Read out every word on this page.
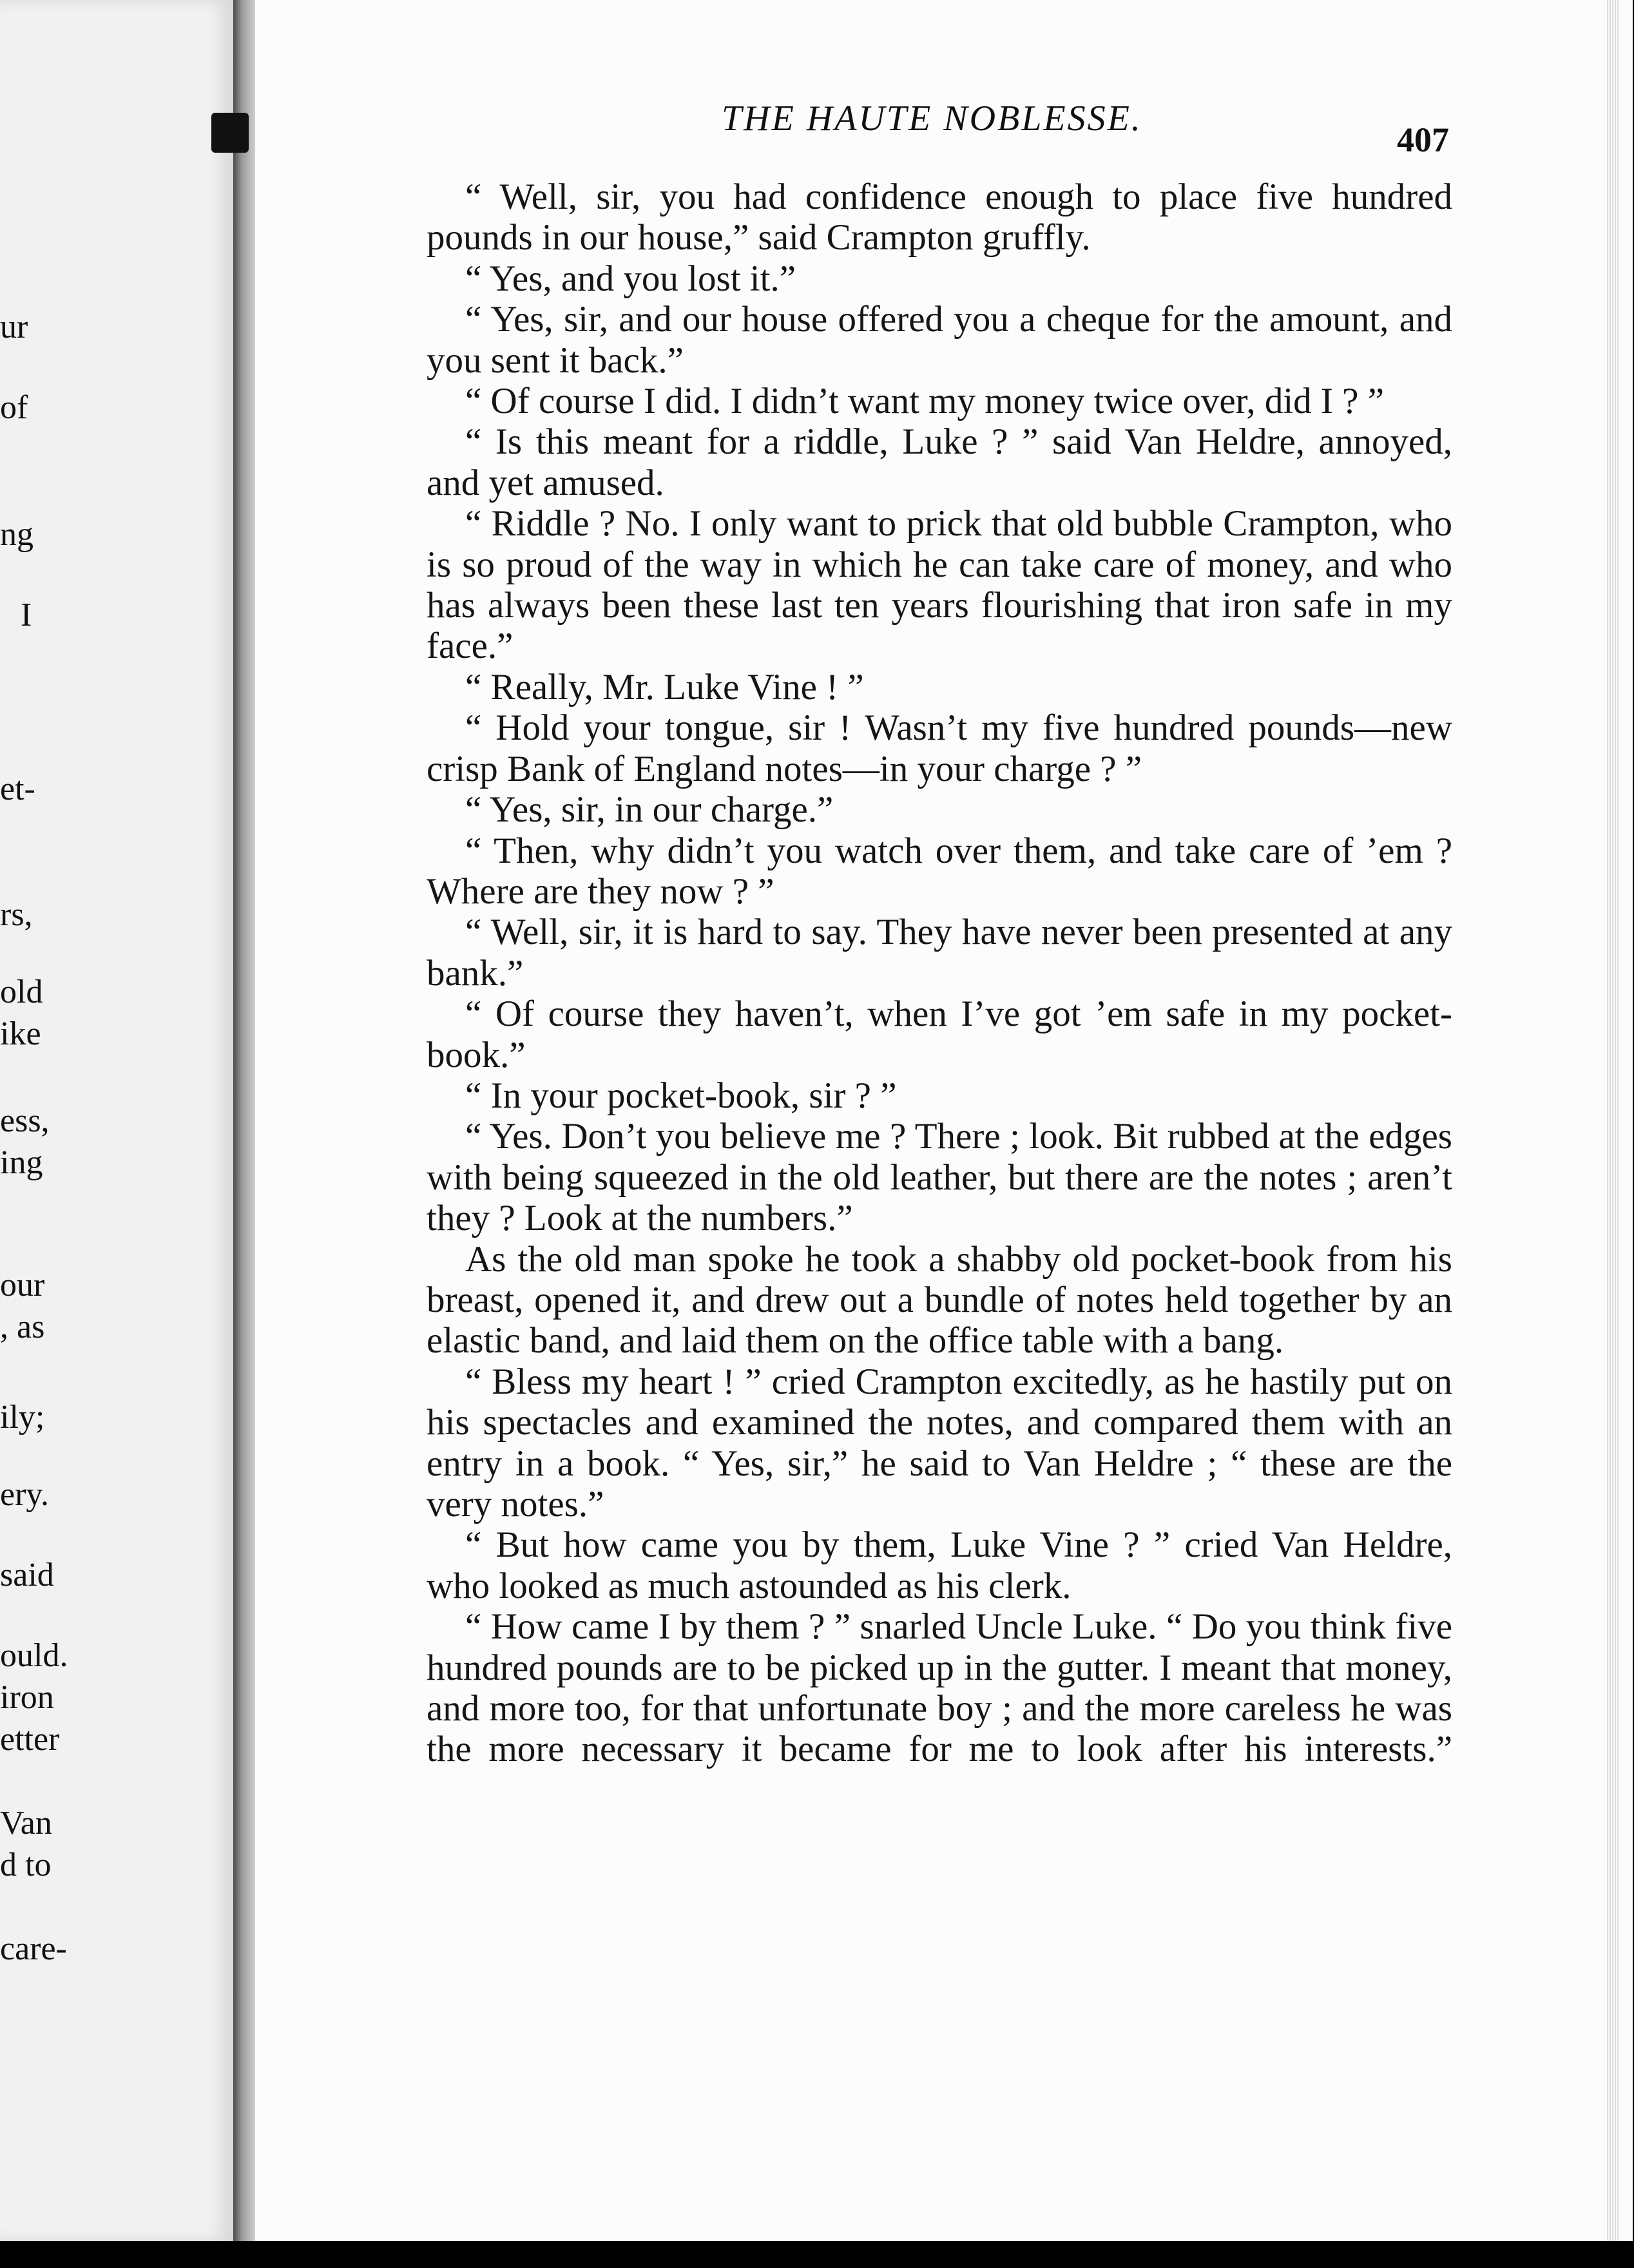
ur
of
ng
I
et-
rs,
old
ike
ess,
ing
our
, as
ily;
ery.
said
ould.
iron
etter
Van
d to
care-
THE HAUTE NOBLESSE.
407

“ Well, sir, you had confidence enough to place five hundred pounds in our house,” said Crampton gruffly.

“ Yes, and you lost it.”

“ Yes, sir, and our house offered you a cheque for the amount, and you sent it back.”

“ Of course I did. I didn’t want my money twice over, did I ? ”

“ Is this meant for a riddle, Luke ? ” said Van Heldre, annoyed, and yet amused.

“ Riddle ? No. I only want to prick that old bubble Crampton, who is so proud of the way in which he can take care of money, and who has always been these last ten years flourishing that iron safe in my face.”

“ Really, Mr. Luke Vine ! ”

“ Hold your tongue, sir ! Wasn’t my five hundred pounds—new crisp Bank of England notes—in your charge ? ”

“ Yes, sir, in our charge.”

“ Then, why didn’t you watch over them, and take care of ’em ? Where are they now ? ”

“ Well, sir, it is hard to say. They have never been presented at any bank.”

“ Of course they haven’t, when I’ve got ’em safe in my pocket-book.”

“ In your pocket-book, sir ? ”

“ Yes. Don’t you believe me ? There ; look. Bit rubbed at the edges with being squeezed in the old leather, but there are the notes ; aren’t they ? Look at the numbers.”

As the old man spoke he took a shabby old pocket-book from his breast, opened it, and drew out a bundle of notes held together by an elastic band, and laid them on the office table with a bang.

“ Bless my heart ! ” cried Crampton excitedly, as he hastily put on his spectacles and examined the notes, and compared them with an entry in a book. “ Yes, sir,” he said to Van Heldre ; “ these are the very notes.”

“ But how came you by them, Luke Vine ? ” cried Van Heldre, who looked as much astounded as his clerk.

“ How came I by them ? ” snarled Uncle Luke. “ Do you think five hundred pounds are to be picked up in the gutter. I meant that money, and more too, for that unfortunate boy ; and the more careless he was the more necessary it became for me to look after his interests.”
